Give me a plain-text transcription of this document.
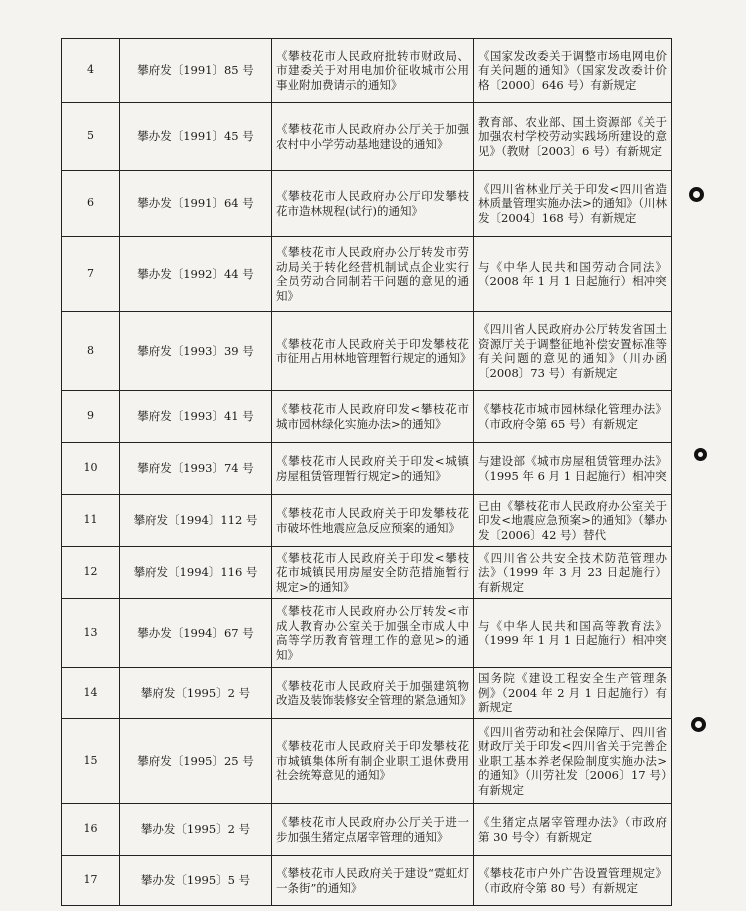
4	攀府发〔1991〕85 号	《攀枝花市人民政府批转市财政局、市建委关于对用电加价征收城市公用事业附加费请示的通知》	《国家发改委关于调整市场电网电价有关问题的通知》（国家发改委计价格〔2000〕646 号）有新规定
5	攀办发〔1991〕45 号	《攀枝花市人民政府办公厅关于加强农村中小学劳动基地建设的通知》	教育部、农业部、国土资源部《关于加强农村学校劳动实践场所建设的意见》（教财〔2003〕6 号）有新规定
6	攀办发〔1991〕64 号	《攀枝花市人民政府办公厅印发攀枝花市造林规程(试行)的通知》	《四川省林业厅关于印发<四川省造林质量管理实施办法>的通知》（川林发〔2004〕168 号）有新规定
7	攀办发〔1992〕44 号	《攀枝花市人民政府办公厅转发市劳动局关于转化经营机制试点企业实行全员劳动合同制若干问题的意见的通知》	与《中华人民共和国劳动合同法》（2008 年 1 月 1 日起施行）相冲突
8	攀府发〔1993〕39 号	《攀枝花市人民政府关于印发攀枝花市征用占用林地管理暂行规定的通知》	《四川省人民政府办公厅转发省国土资源厅关于调整征地补偿安置标准等有关问题的意见的通知》（川办函〔2008〕73 号）有新规定
9	攀府发〔1993〕41 号	《攀枝花市人民政府印发<攀枝花市城市园林绿化实施办法>的通知》	《攀枝花市城市园林绿化管理办法》（市政府令第 65 号）有新规定
10	攀府发〔1993〕74 号	《攀枝花市人民政府关于印发<城镇房屋租赁管理暂行规定>的通知》	与建设部《城市房屋租赁管理办法》（1995 年 6 月 1 日起施行）相冲突
11	攀府发〔1994〕112 号	《攀枝花市人民政府关于印发攀枝花市破坏性地震应急反应预案的通知》	已由《攀枝花市人民政府办公室关于印发<地震应急预案>的通知》（攀办发〔2006〕42 号）替代
12	攀府发〔1994〕116 号	《攀枝花市人民政府关于印发<攀枝花市城镇民用房屋安全防范措施暂行规定>的通知》	《四川省公共安全技术防范管理办法》（1999 年 3 月 23 日起施行）有新规定
13	攀办发〔1994〕67 号	《攀枝花市人民政府办公厅转发<市成人教育办公室关于加强全市成人中高等学历教育管理工作的意见>的通知》	与《中华人民共和国高等教育法》（1999 年 1 月 1 日起施行）相冲突
14	攀府发〔1995〕2 号	《攀枝花市人民政府关于加强建筑物改造及装饰装修安全管理的紧急通知》	国务院《建设工程安全生产管理条例》（2004 年 2 月 1 日起施行）有新规定
15	攀府发〔1995〕25 号	《攀枝花市人民政府关于印发攀枝花市城镇集体所有制企业职工退休费用社会统筹意见的通知》	《四川省劳动和社会保障厅、四川省财政厅关于印发<四川省关于完善企业职工基本养老保险制度实施办法>的通知》（川劳社发〔2006〕17 号）有新规定
16	攀办发〔1995〕2 号	《攀枝花市人民政府办公厅关于进一步加强生猪定点屠宰管理的通知》	《生猪定点屠宰管理办法》（市政府第 30 号令）有新规定
17	攀办发〔1995〕5 号	《攀枝花市人民政府关于建设“霓虹灯一条街”的通知》	《攀枝花市户外广告设置管理规定》（市政府令第 80 号）有新规定
